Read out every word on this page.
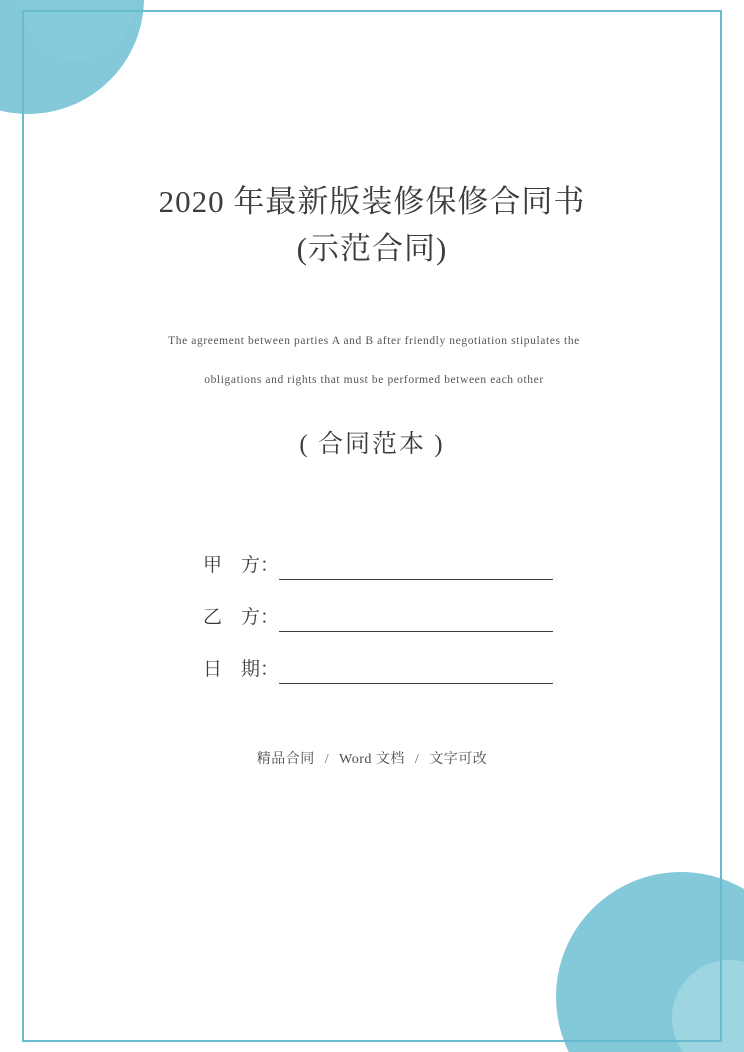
2020 年最新版装修保修合同书
(示范合同)
The agreement between parties A and B after friendly negotiation stipulates the
obligations and rights that must be performed between each other
( 合同范本 )
甲　方：
乙　方：
日　期：
精品合同 / Word 文档 / 文字可改
